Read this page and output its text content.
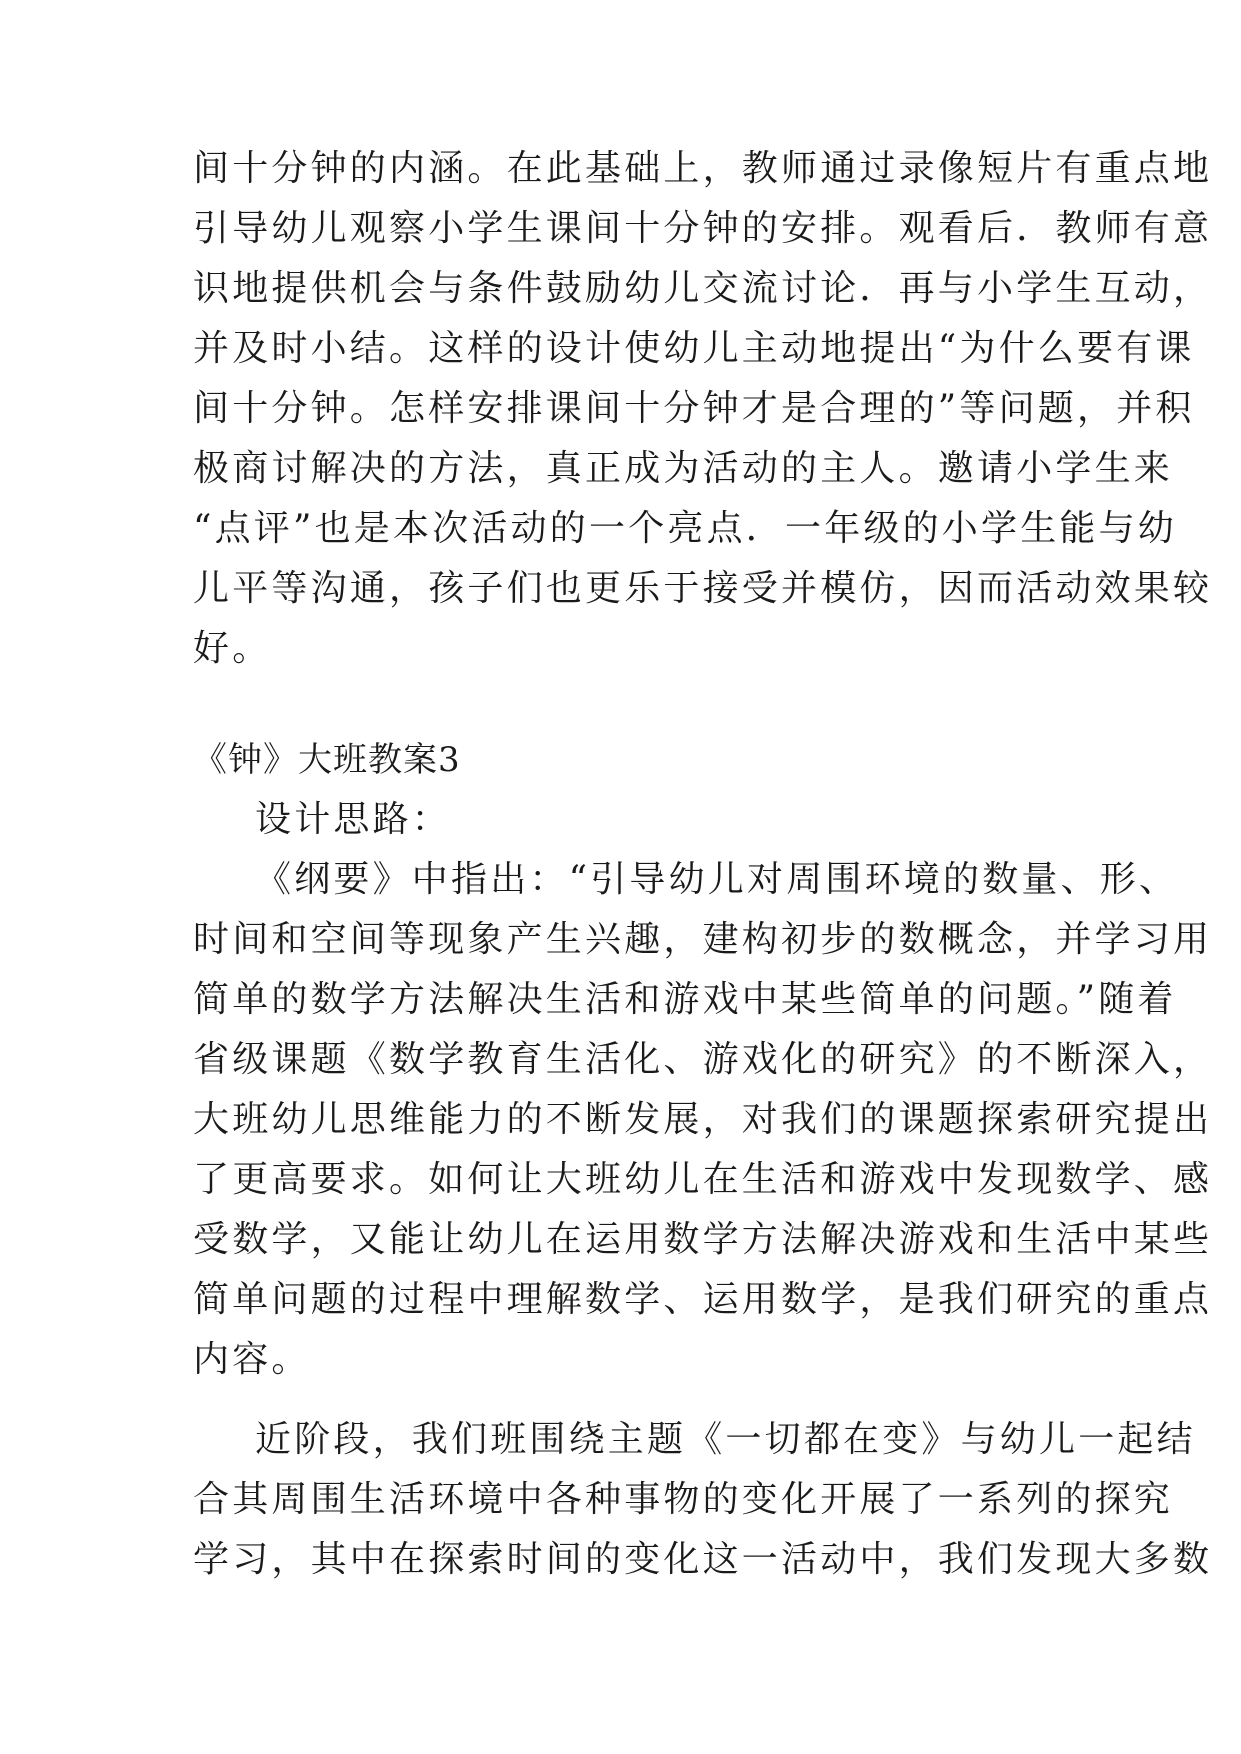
间十分钟的内涵。在此基础上，教师通过录像短片有重点地
引导幼儿观察小学生课间十分钟的安排。观看后．教师有意
识地提供机会与条件鼓励幼儿交流讨论．再与小学生互动，
并及时小结。这样的设计使幼儿主动地提出“为什么要有课
间十分钟。怎样安排课间十分钟才是合理的”等问题，并积
极商讨解决的方法，真正成为活动的主人。邀请小学生来
“点评”也是本次活动的一个亮点．一年级的小学生能与幼
儿平等沟通，孩子们也更乐于接受并模仿，因而活动效果较
好。
《钟》大班教案3
设计思路：
《纲要》中指出：“引导幼儿对周围环境的数量、形、
时间和空间等现象产生兴趣，建构初步的数概念，并学习用
简单的数学方法解决生活和游戏中某些简单的问题。”随着
省级课题《数学教育生活化、游戏化的研究》的不断深入，
大班幼儿思维能力的不断发展，对我们的课题探索研究提出
了更高要求。如何让大班幼儿在生活和游戏中发现数学、感
受数学，又能让幼儿在运用数学方法解决游戏和生活中某些
简单问题的过程中理解数学、运用数学，是我们研究的重点
内容。
近阶段，我们班围绕主题《一切都在变》与幼儿一起结
合其周围生活环境中各种事物的变化开展了一系列的探究
学习，其中在探索时间的变化这一活动中，我们发现大多数
